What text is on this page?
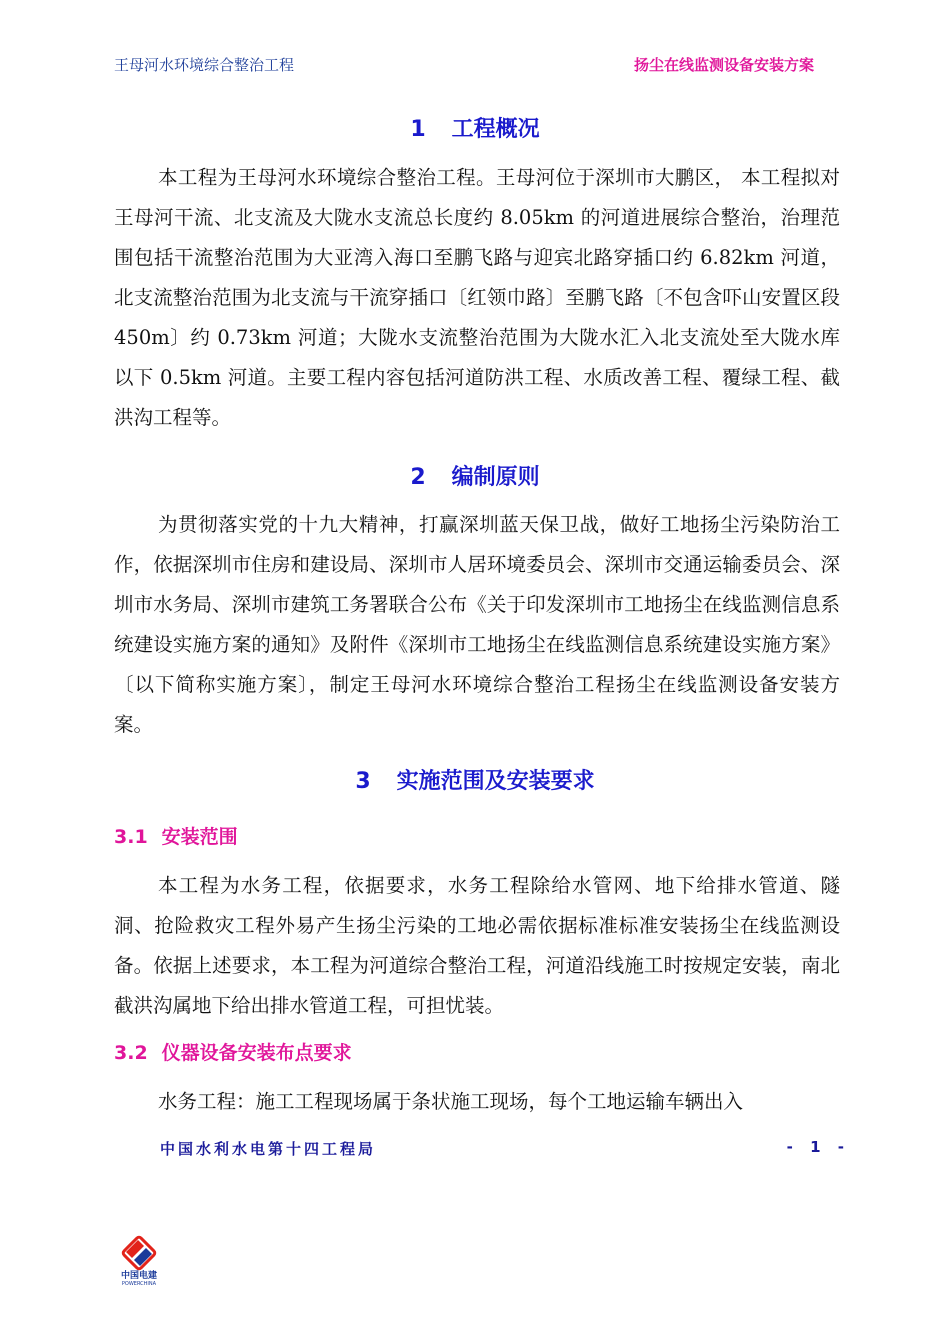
王母河水环境综合整治工程	扬尘在线监测设备安装方案
1 工程概况
本工程为王母河水环境综合整治工程。王母河位于深圳市大鹏区， 本工程拟对王母河干流、北支流及大陇水支流总长度约 8.05km 的河道进展综合整治，治理范围包括干流整治范围为大亚湾入海口至鹏飞路与迎宾北路穿插口约 6.82km 河道，北支流整治范围为北支流与干流穿插口〔红领巾路〕至鹏飞路〔不包含吓山安置区段 450m〕约 0.73km 河道；大陇水支流整治范围为大陇水汇入北支流处至大陇水库以下 0.5km 河道。主要工程内容包括河道防洪工程、水质改善工程、覆绿工程、截洪沟工程等。
2 编制原则
为贯彻落实党的十九大精神，打赢深圳蓝天保卫战，做好工地扬尘污染防治工作，依据深圳市住房和建设局、深圳市人居环境委员会、深圳市交通运输委员会、深圳市水务局、深圳市建筑工务署联合公布《关于印发深圳市工地扬尘在线监测信息系统建设实施方案的通知》及附件《深圳市工地扬尘在线监测信息系统建设实施方案》〔以下简称实施方案〕，制定王母河水环境综合整治工程扬尘在线监测设备安装方案。
3 实施范围及安装要求
3.1 安装范围
本工程为水务工程，依据要求，水务工程除给水管网、地下给排水管道、隧洞、抢险救灾工程外易产生扬尘污染的工地必需依据标准标准安装扬尘在线监测设备。依据上述要求，本工程为河道综合整治工程，河道沿线施工时按规定安装，南北截洪沟属地下给出排水管道工程，可担忧装。
3.2 仪器设备安装布点要求
水务工程：施工工程现场属于条状施工现场，每个工地运输车辆出入
中国水利水电第十四工程局	- 1 -
中国电建
POWERCHINA
